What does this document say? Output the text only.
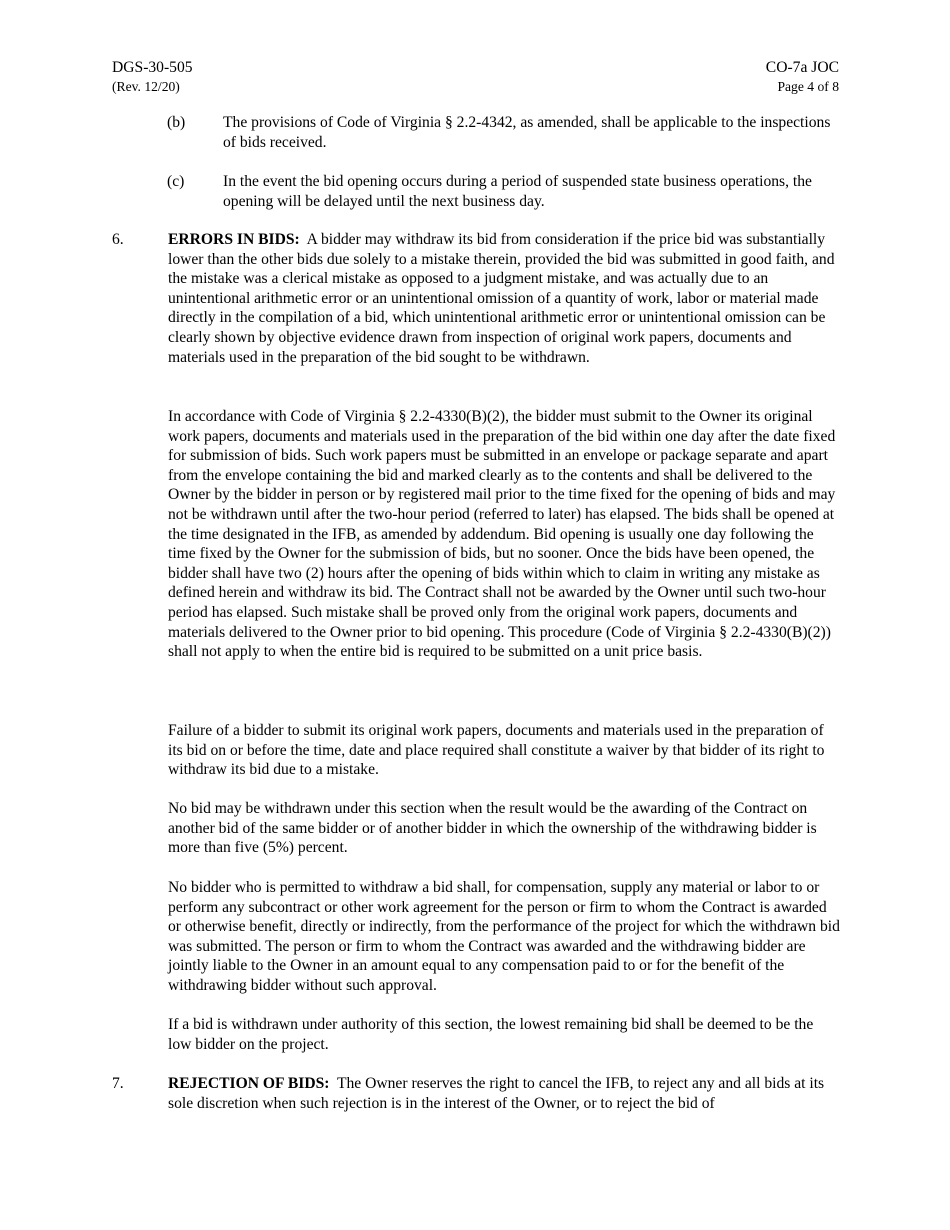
DGS-30-505
(Rev. 12/20)
CO-7a JOC
Page 4 of 8
(b) The provisions of Code of Virginia § 2.2-4342, as amended, shall be applicable to the inspections of bids received.
(c) In the event the bid opening occurs during a period of suspended state business operations, the opening will be delayed until the next business day.
6.	ERRORS IN BIDS: A bidder may withdraw its bid from consideration if the price bid was substantially lower than the other bids due solely to a mistake therein, provided the bid was submitted in good faith, and the mistake was a clerical mistake as opposed to a judgment mistake, and was actually due to an unintentional arithmetic error or an unintentional omission of a quantity of work, labor or material made directly in the compilation of a bid, which unintentional arithmetic error or unintentional omission can be clearly shown by objective evidence drawn from inspection of original work papers, documents and materials used in the preparation of the bid sought to be withdrawn.
In accordance with Code of Virginia § 2.2-4330(B)(2), the bidder must submit to the Owner its original work papers, documents and materials used in the preparation of the bid within one day after the date fixed for submission of bids. Such work papers must be submitted in an envelope or package separate and apart from the envelope containing the bid and marked clearly as to the contents and shall be delivered to the Owner by the bidder in person or by registered mail prior to the time fixed for the opening of bids and may not be withdrawn until after the two-hour period (referred to later) has elapsed. The bids shall be opened at the time designated in the IFB, as amended by addendum. Bid opening is usually one day following the time fixed by the Owner for the submission of bids, but no sooner. Once the bids have been opened, the bidder shall have two (2) hours after the opening of bids within which to claim in writing any mistake as defined herein and withdraw its bid. The Contract shall not be awarded by the Owner until such two-hour period has elapsed. Such mistake shall be proved only from the original work papers, documents and materials delivered to the Owner prior to bid opening. This procedure (Code of Virginia § 2.2-4330(B)(2)) shall not apply to when the entire bid is required to be submitted on a unit price basis.
Failure of a bidder to submit its original work papers, documents and materials used in the preparation of its bid on or before the time, date and place required shall constitute a waiver by that bidder of its right to withdraw its bid due to a mistake.
No bid may be withdrawn under this section when the result would be the awarding of the Contract on another bid of the same bidder or of another bidder in which the ownership of the withdrawing bidder is more than five (5%) percent.
No bidder who is permitted to withdraw a bid shall, for compensation, supply any material or labor to or perform any subcontract or other work agreement for the person or firm to whom the Contract is awarded or otherwise benefit, directly or indirectly, from the performance of the project for which the withdrawn bid was submitted. The person or firm to whom the Contract was awarded and the withdrawing bidder are jointly liable to the Owner in an amount equal to any compensation paid to or for the benefit of the withdrawing bidder without such approval.
If a bid is withdrawn under authority of this section, the lowest remaining bid shall be deemed to be the low bidder on the project.
7.	REJECTION OF BIDS: The Owner reserves the right to cancel the IFB, to reject any and all bids at its sole discretion when such rejection is in the interest of the Owner, or to reject the bid of
